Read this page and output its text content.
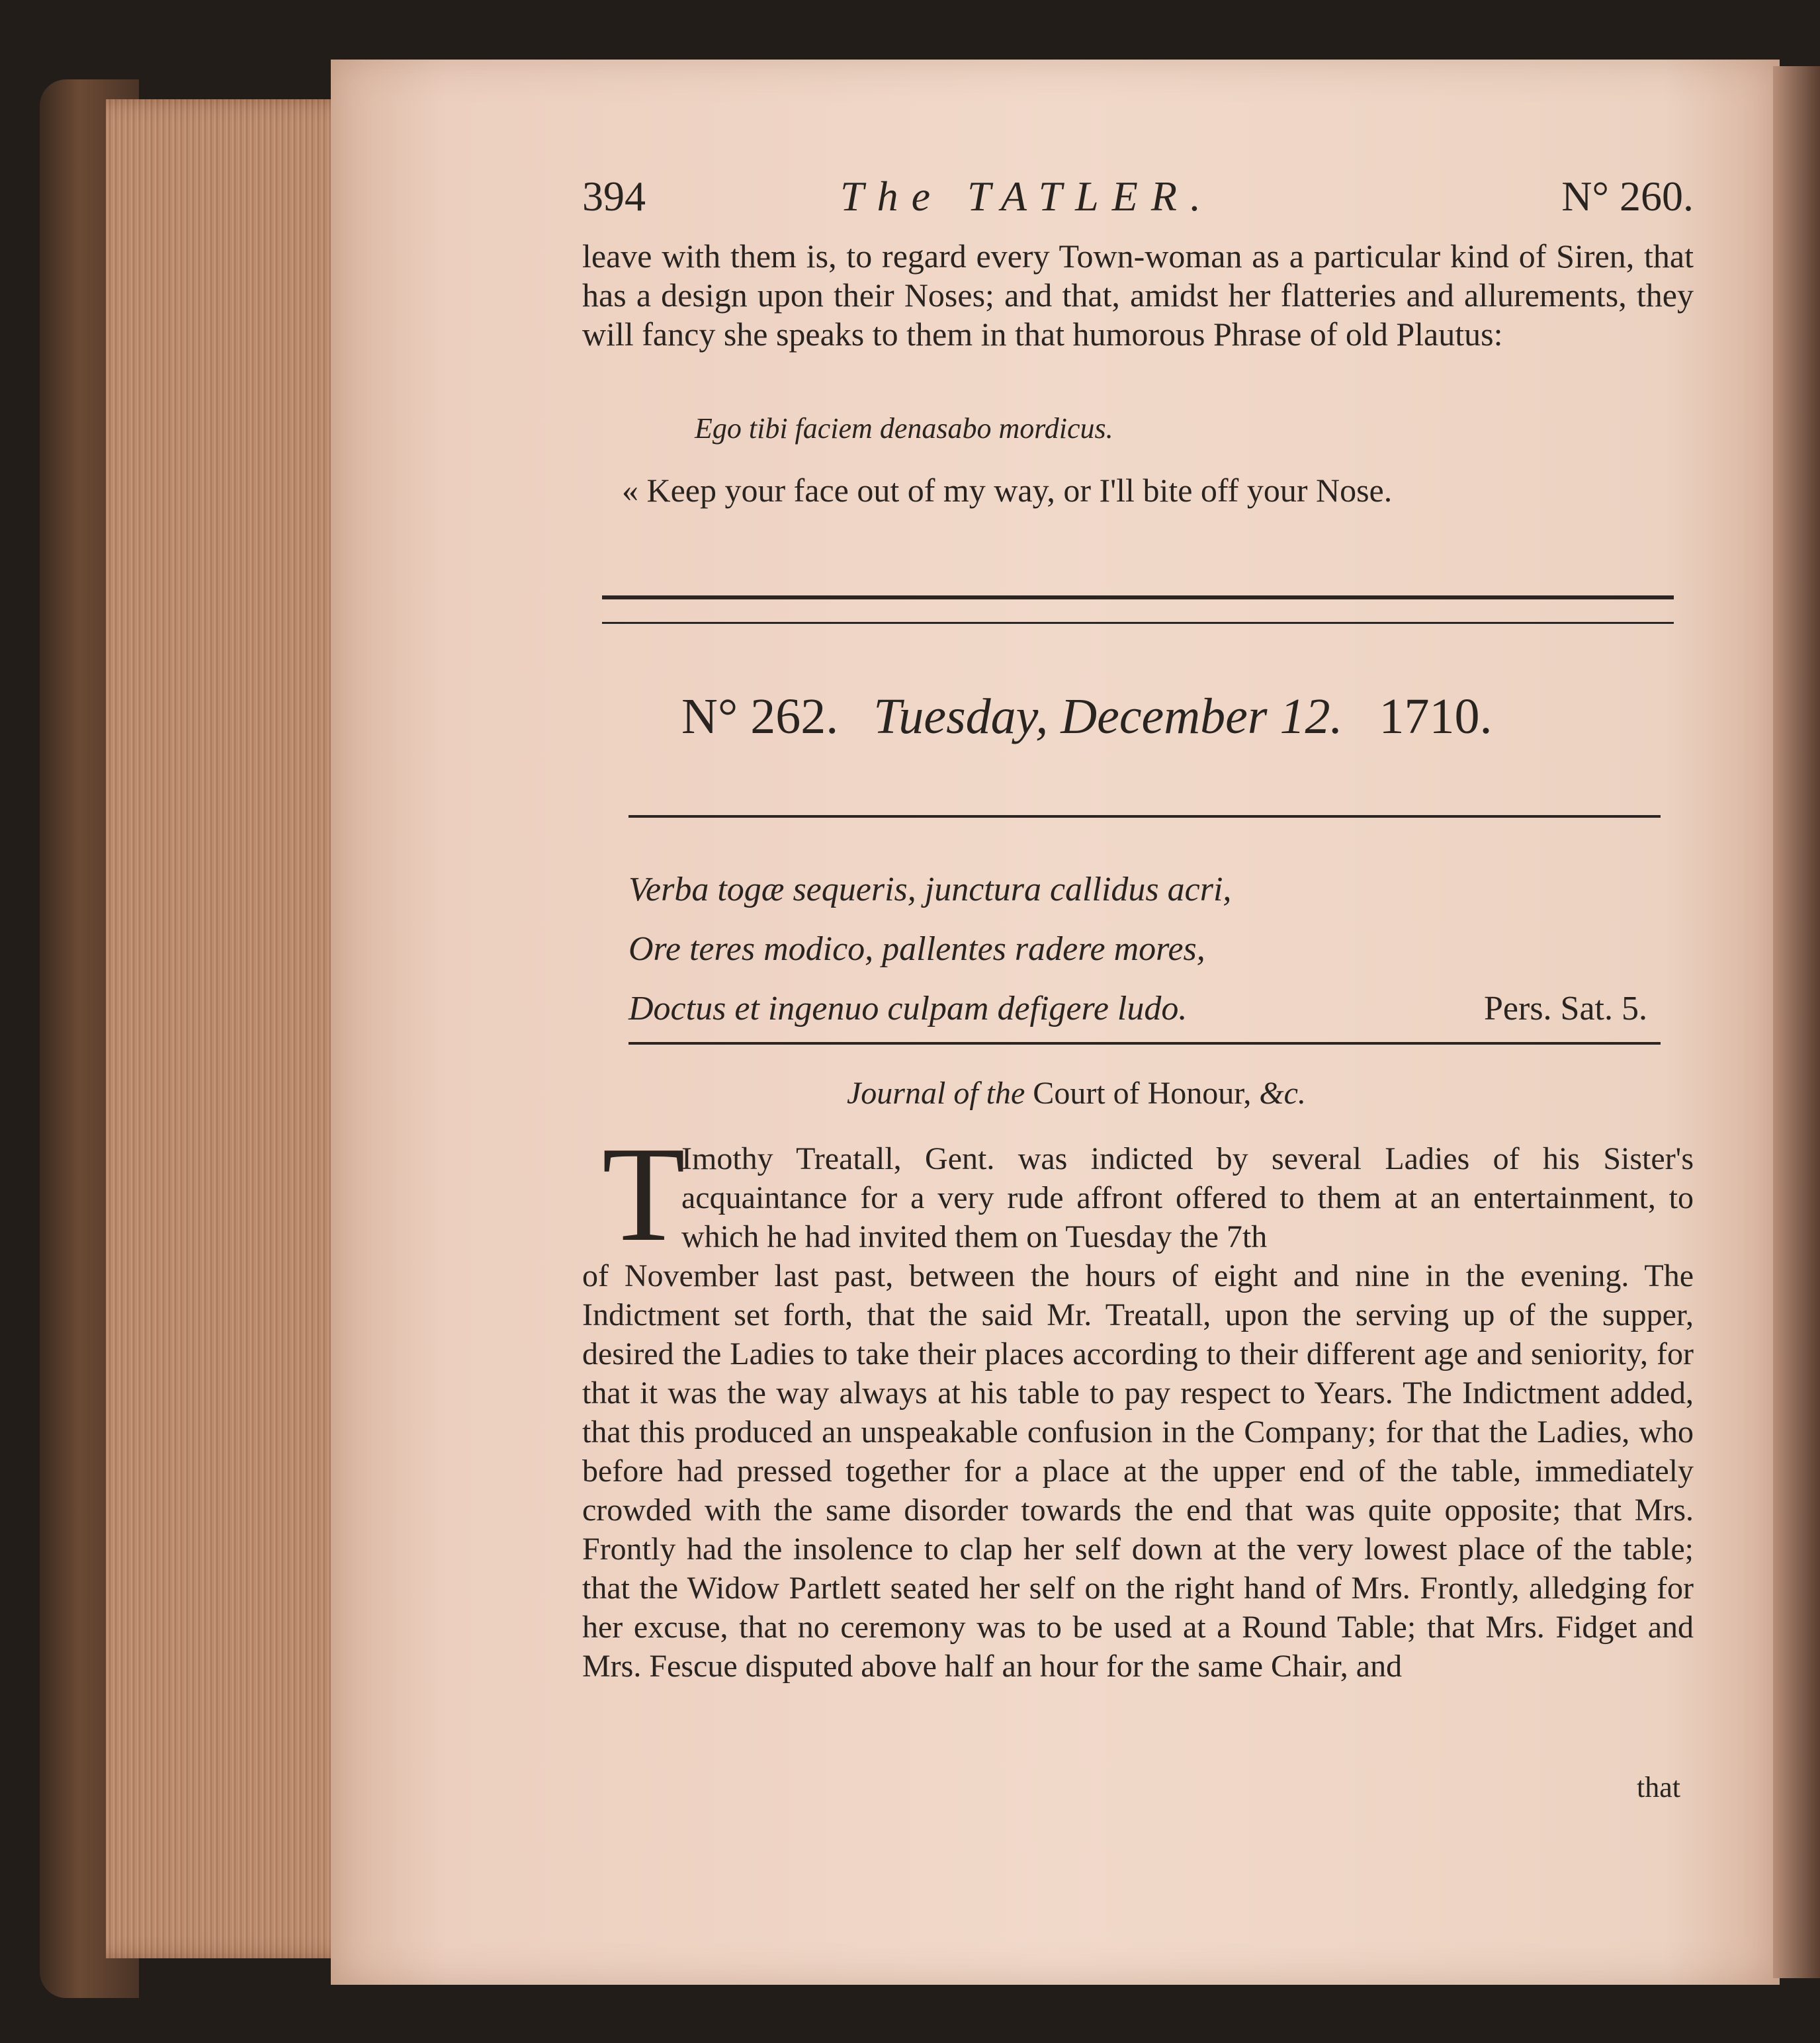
394	The TATLER.	N° 260.

leave with them is, to regard every Town-woman as a particular kind of Siren, that has a design upon their Noses; and that, amidst her flatteries and allurements, they will fancy she speaks to them in that humorous Phrase of old Plautus:

Ego tibi faciem denasabo mordicus.
« Keep your face out of my way, or I'll bite off your Nose.
N° 262. Tuesday, December 12. 1710.
Verba togæ sequeris, junctura callidus acri,
Ore teres modico, pallentes radere mores,
Doctus et ingenuo culpam defigere ludo.	Pers. Sat. 5.
Journal of the Court of Honour, &c.
T
Imothy Treatall, Gent. was indicted by several Ladies of his Sister's acquaintance for a very rude affront offered to them at an entertainment, to which he had invited them on Tuesday the 7th
of November last past, between the hours of eight and nine in the evening. The Indictment set forth, that the said Mr. Treatall, upon the serving up of the supper, desired the Ladies to take their places according to their different age and seniority, for that it was the way always at his table to pay respect to Years. The Indictment added, that this produced an unspeakable confusion in the Company; for that the Ladies, who before had pressed together for a place at the upper end of the table, immediately crowded with the same disorder towards the end that was quite opposite; that Mrs. Frontly had the insolence to clap her self down at the very lowest place of the table; that the Widow Partlett seated her self on the right hand of Mrs. Frontly, alledging for her excuse, that no ceremony was to be used at a Round Table; that Mrs. Fidget and Mrs. Fescue disputed above half an hour for the same Chair, and
that
